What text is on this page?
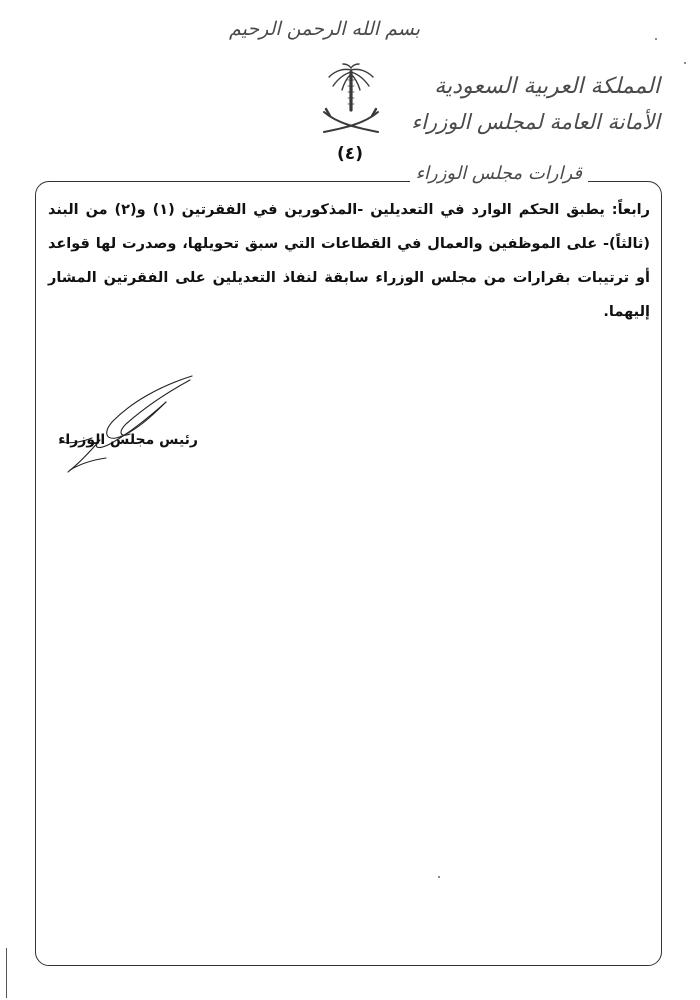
بسم الله الرحمن الرحيم
(٤)
المملكة العربية السعودية
الأمانة العامة لمجلس الوزراء
قرارات مجلس الوزراء

رابعاً: يطبق الحكم الوارد في التعديلين -المذكورين في الفقرتين (١) و(٢) من البند (ثالثاً)- على الموظفين والعمال في القطاعات التي سبق تحويلها، وصدرت لها قواعد أو ترتيبات بقرارات من مجلس الوزراء سابقة لنفاذ التعديلين على الفقرتين المشار إليهما.

رئيس مجلس الوزراء
